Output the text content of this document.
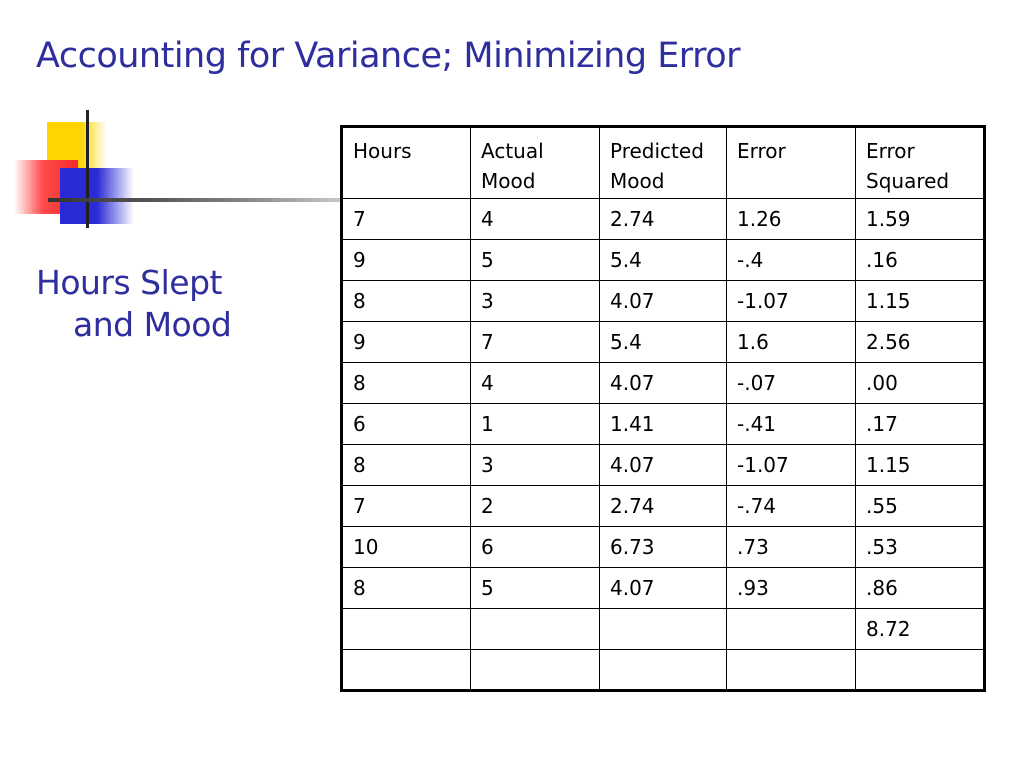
Accounting for Variance; Minimizing Error
Hours Slept
and Mood
Hours	Actual Mood	Predicted Mood	Error	Error Squared
7	4	2.74	1.26	1.59
9	5	5.4	-.4	.16
8	3	4.07	-1.07	1.15
9	7	5.4	1.6	2.56
8	4	4.07	-.07	.00
6	1	1.41	-.41	.17
8	3	4.07	-1.07	1.15
7	2	2.74	-.74	.55
10	6	6.73	.73	.53
8	5	4.07	.93	.86
				8.72
